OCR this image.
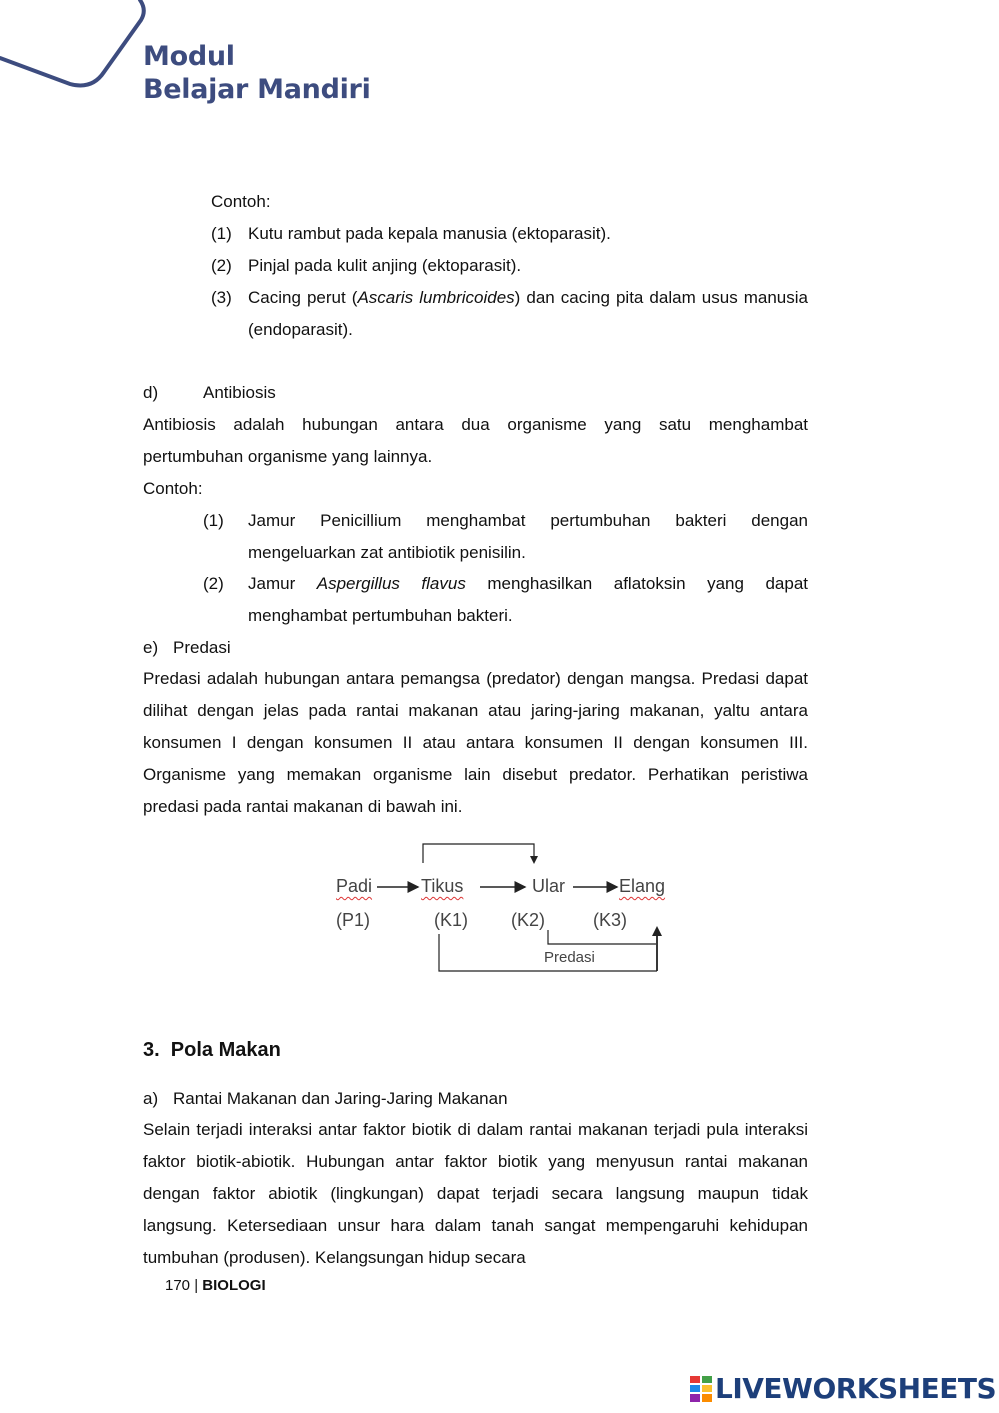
Modul
Belajar Mandiri
Contoh:
(1) Kutu rambut pada kepala manusia (ektoparasit).
(2) Pinjal pada kulit anjing (ektoparasit).
(3) Cacing perut (Ascaris lumbricoides) dan cacing pita dalam usus manusia (endoparasit).
d)	Antibiosis
Antibiosis adalah hubungan antara dua organisme yang satu menghambat pertumbuhan organisme yang lainnya.
Contoh:
(1) Jamur Penicillium menghambat pertumbuhan bakteri dengan mengeluarkan zat antibiotik penisilin.
(2) Jamur Aspergillus flavus menghasilkan aflatoksin yang dapat menghambat pertumbuhan bakteri.
e) Predasi
Predasi adalah hubungan antara pemangsa (predator) dengan mangsa. Predasi dapat dilihat dengan jelas pada rantai makanan atau jaring-jaring makanan, yaltu antara konsumen I dengan konsumen II atau antara konsumen II dengan konsumen III. Organisme yang memakan organisme lain disebut predator. Perhatikan peristiwa predasi pada rantai makanan di bawah ini.
Padi	Tikus	Ular	Elang
(P1)	(K1) (K2)	(K3)
Predasi
3.  Pola Makan
a) Rantai Makanan dan Jaring-Jaring Makanan
Selain terjadi interaksi antar faktor biotik di dalam rantai makanan terjadi pula interaksi faktor biotik-abiotik. Hubungan antar faktor biotik yang menyusun rantai makanan dengan faktor abiotik (lingkungan) dapat terjadi secara langsung maupun tidak langsung. Ketersediaan unsur hara dalam tanah sangat mempengaruhi kehidupan tumbuhan (produsen). Kelangsungan hidup secara
170 | BIOLOGI
LIVEWORKSHEETS
